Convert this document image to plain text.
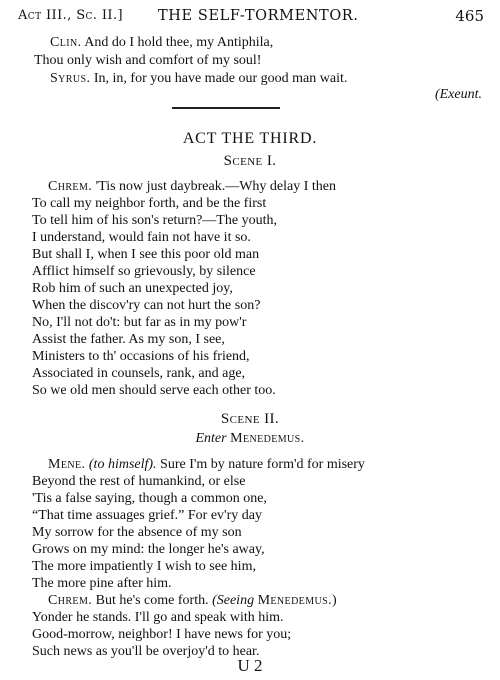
Act III., Sc. II.] THE SELF-TORMENTOR.	465
Clin. And do I hold thee, my Antiphila,
Thou only wish and comfort of my soul!
Syrus. In, in, for you have made our good man wait.
(Exeunt.
ACT THE THIRD.
Scene I.
Chrem. 'Tis now just daybreak.—Why delay I then
To call my neighbor forth, and be the first
To tell him of his son's return?—The youth,
I understand, would fain not have it so.
But shall I, when I see this poor old man
Afflict himself so grievously, by silence
Rob him of such an unexpected joy,
When the discov'ry can not hurt the son?
No, I'll not do't: but far as in my pow'r
Assist the father. As my son, I see,
Ministers to th' occasions of his friend,
Associated in counsels, rank, and age,
So we old men should serve each other too.
Scene II.
Enter Menedemus.
Mene. (to himself). Sure I'm by nature form'd for misery
Beyond the rest of humankind, or else
'Tis a false saying, though a common one,
“That time assuages grief.” For ev'ry day
My sorrow for the absence of my son
Grows on my mind: the longer he's away,
The more impatiently I wish to see him,
The more pine after him.
Chrem. But he's come forth. (Seeing Menedemus.)
Yonder he stands. I'll go and speak with him.
Good-morrow, neighbor! I have news for you;
Such news as you'll be overjoy'd to hear.
U 2
